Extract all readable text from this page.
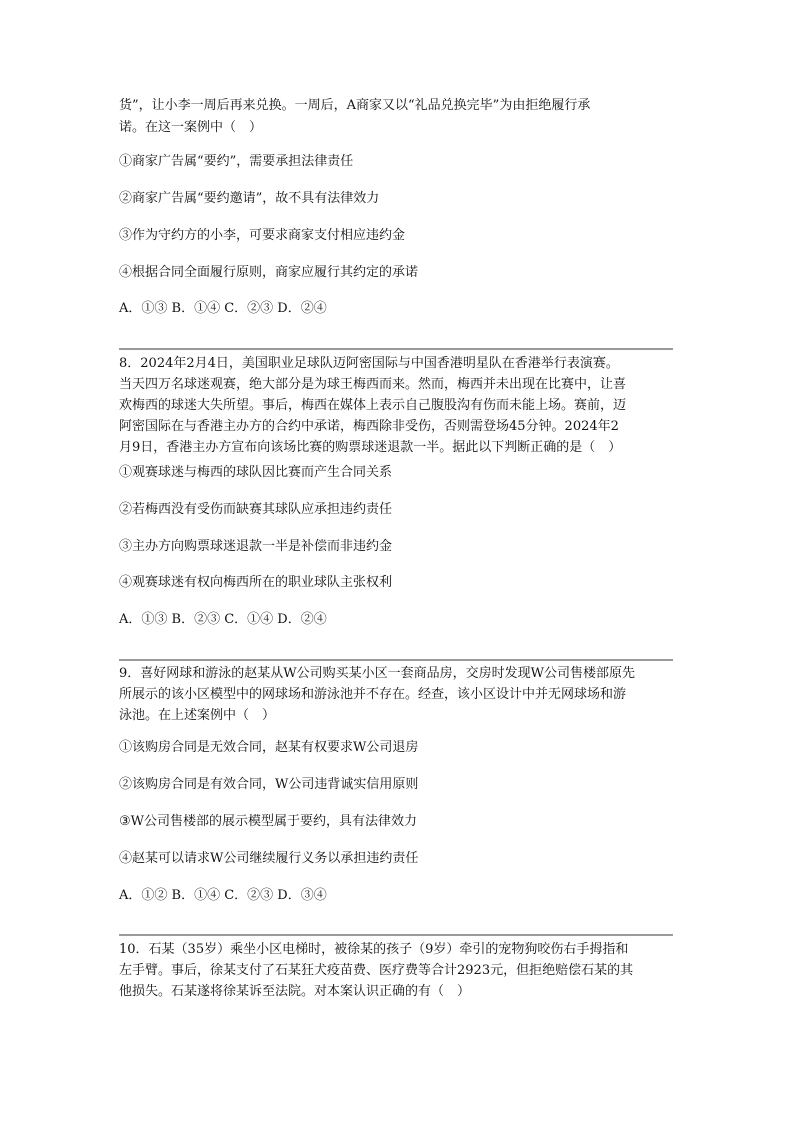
货”，让小李一周后再来兑换。一周后，A商家又以“礼品兑换完毕”为由拒绝履行承
诺。在这一案例中（　）
①商家广告属“要约”，需要承担法律责任
②商家广告属“要约邀请”，故不具有法律效力
③作为守约方的小李，可要求商家支付相应违约金
④根据合同全面履行原则，商家应履行其约定的承诺
A．①③ B．①④ C．②③ D．②④
8．2024年2月4日，美国职业足球队迈阿密国际与中国香港明星队在香港举行表演赛。
当天四万名球迷观赛，绝大部分是为球王梅西而来。然而，梅西并未出现在比赛中，让喜
欢梅西的球迷大失所望。事后，梅西在媒体上表示自己腹股沟有伤而未能上场。赛前，迈
阿密国际在与香港主办方的合约中承诺，梅西除非受伤，否则需登场45分钟。2024年2
月9日，香港主办方宣布向该场比赛的购票球迷退款一半。据此以下判断正确的是（　）
①观赛球迷与梅西的球队因比赛而产生合同关系
②若梅西没有受伤而缺赛其球队应承担违约责任
③主办方向购票球迷退款一半是补偿而非违约金
④观赛球迷有权向梅西所在的职业球队主张权利
A．①③ B．②③ C．①④ D．②④
9．喜好网球和游泳的赵某从W公司购买某小区一套商品房，交房时发现W公司售楼部原先
所展示的该小区模型中的网球场和游泳池并不存在。经查，该小区设计中并无网球场和游
泳池。在上述案例中（　）
①该购房合同是无效合同，赵某有权要求W公司退房
②该购房合同是有效合同，W公司违背诚实信用原则
③W公司售楼部的展示模型属于要约，具有法律效力
④赵某可以请求W公司继续履行义务以承担违约责任
A．①② B．①④ C．②③ D．③④
10．石某（35岁）乘坐小区电梯时，被徐某的孩子（9岁）牵引的宠物狗咬伤右手拇指和
左手臂。事后，徐某支付了石某狂犬疫苗费、医疗费等合计2923元，但拒绝赔偿石某的其
他损失。石某遂将徐某诉至法院。对本案认识正确的有（　）
